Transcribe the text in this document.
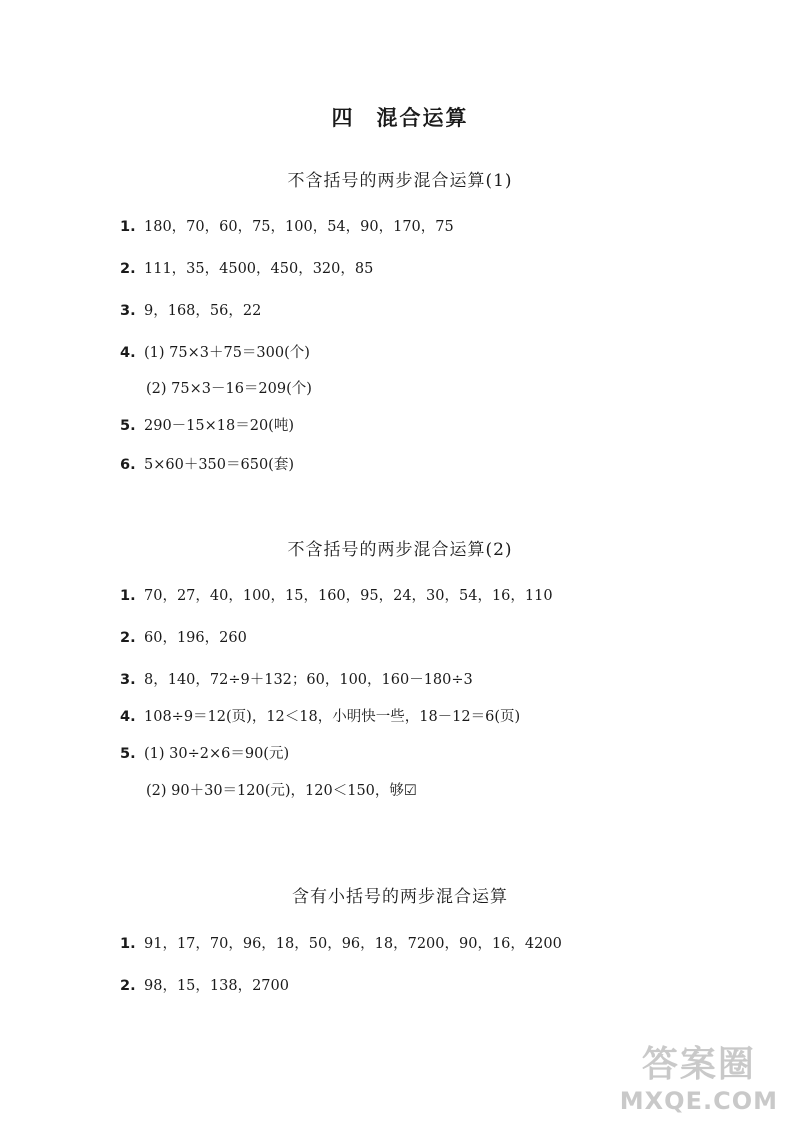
四 混合运算
不含括号的两步混合运算(1)
1. 180，70，60，75，100，54，90，170，75
2. 111，35，4500，450，320，85
3. 9，168，56，22
4. (1) 75×3＋75＝300(个)
(2) 75×3－16＝209(个)
5. 290－15×18＝20(吨)
6. 5×60＋350＝650(套)
不含括号的两步混合运算(2)
1. 70，27，40，100，15，160，95，24，30，54，16，110
2. 60，196，260
3. 8，140，72÷9＋132；60，100，160－180÷3
4. 108÷9＝12(页)，12＜18，小明快一些，18－12＝6(页)
5. (1) 30÷2×6＝90(元)
(2) 90＋30＝120(元)，120＜150，够☑
含有小括号的两步混合运算
1. 91，17，70，96，18，50，96，18，7200，90，16，4200
2. 98，15，138，2700
答案圈
MXQE.COM
